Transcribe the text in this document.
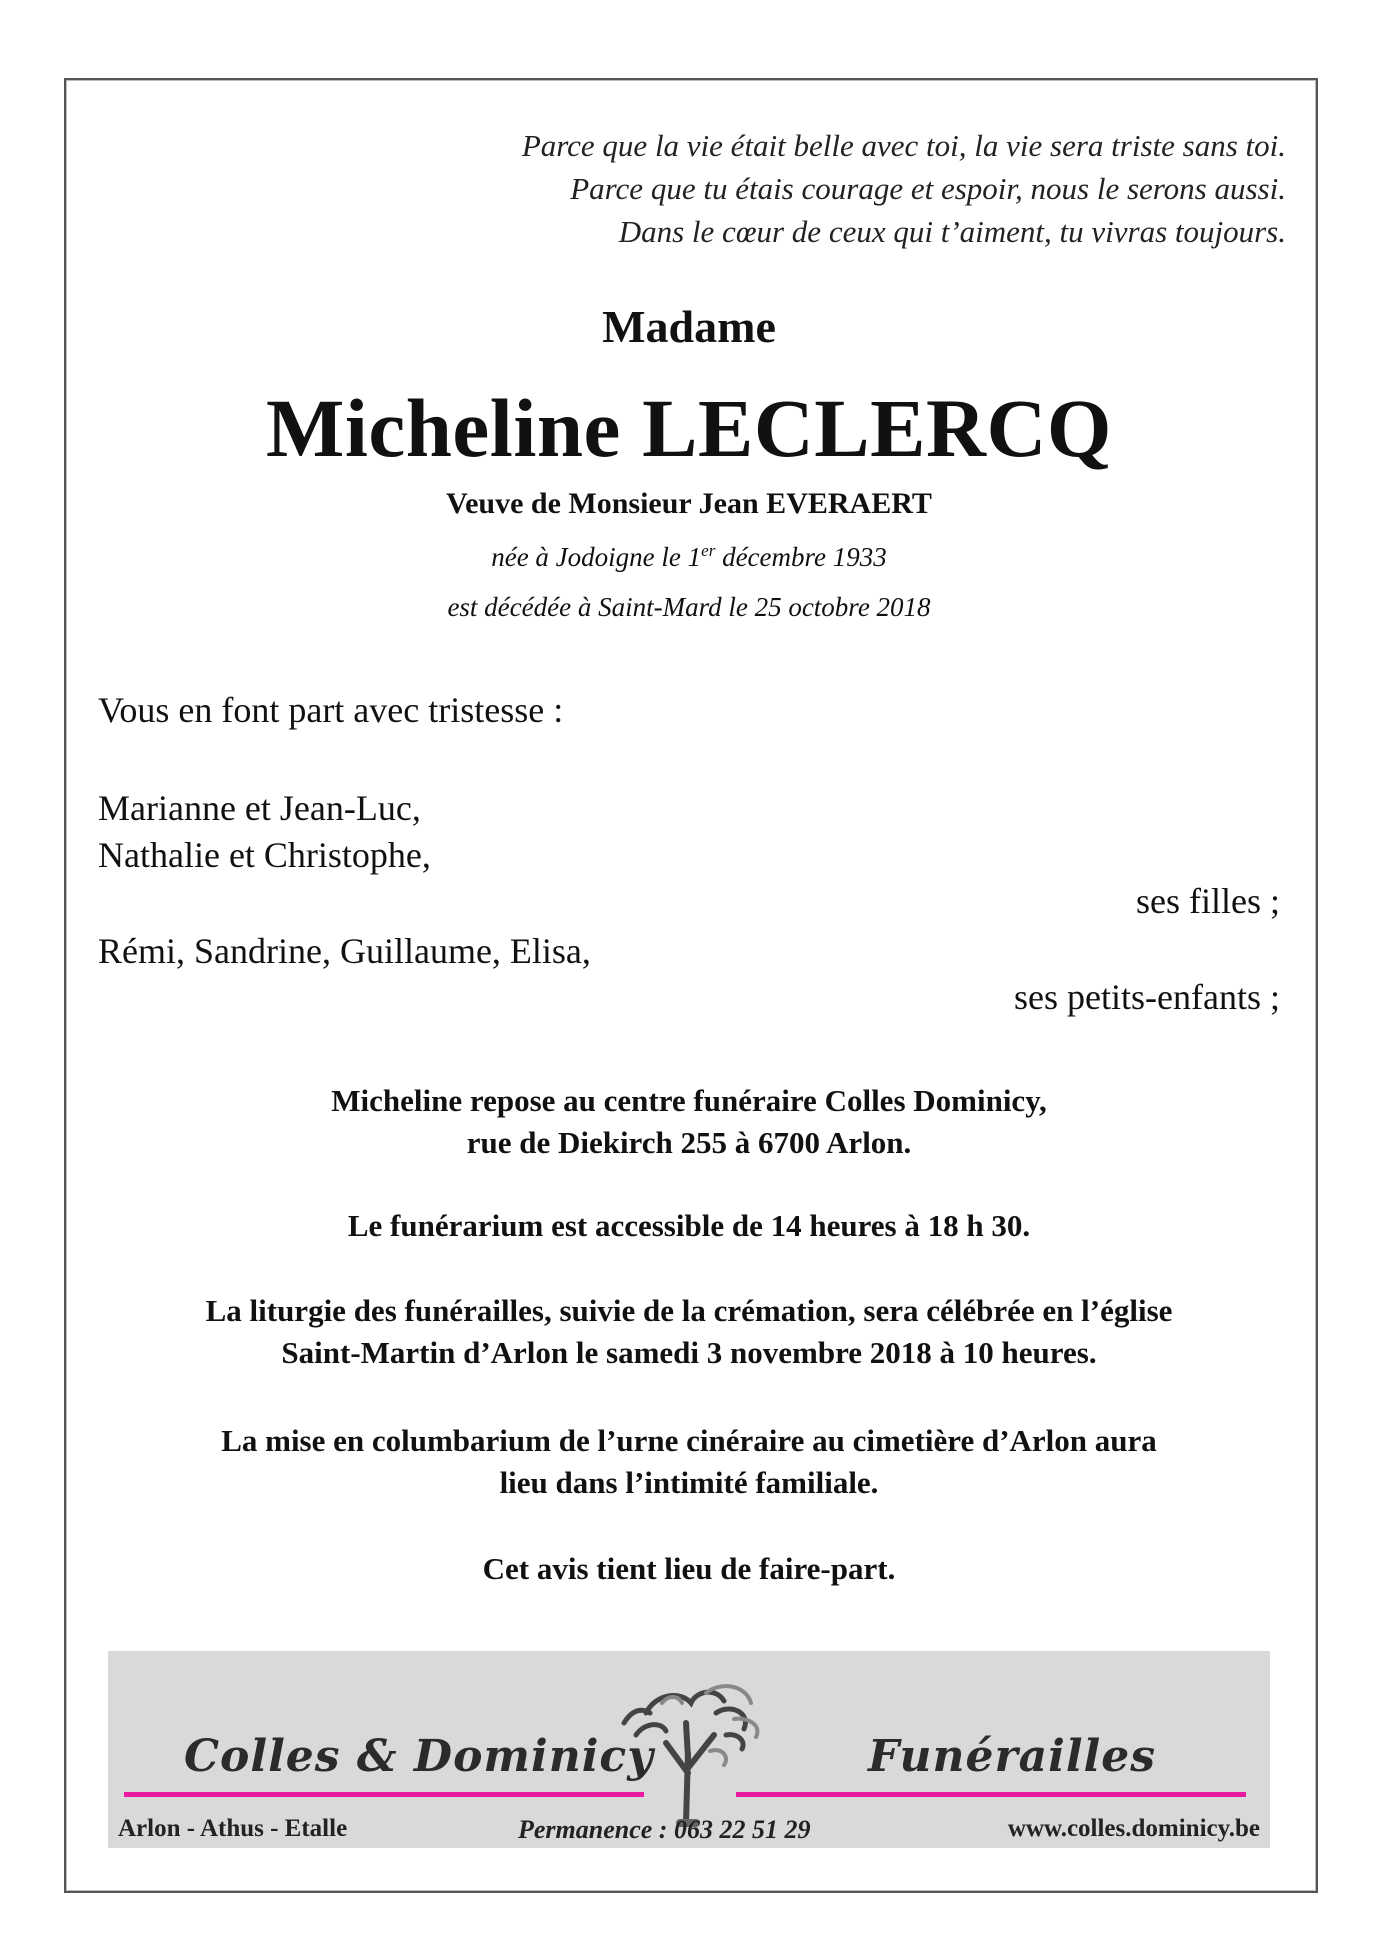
Parce que la vie était belle avec toi, la vie sera triste sans toi.
Parce que tu étais courage et espoir, nous le serons aussi.
Dans le cœur de ceux qui t’aiment, tu vivras toujours.
Madame
Micheline LECLERCQ
Veuve de Monsieur Jean EVERAERT
née à Jodoigne le 1er décembre 1933
est décédée à Saint-Mard le 25 octobre 2018
Vous en font part avec tristesse :
Marianne et Jean-Luc,
Nathalie et Christophe,
ses filles ;
Rémi, Sandrine, Guillaume, Elisa,
ses petits-enfants ;
Micheline repose au centre funéraire Colles Dominicy,
rue de Diekirch 255 à 6700 Arlon.
Le funérarium est accessible de 14 heures à 18 h 30.
La liturgie des funérailles, suivie de la crémation, sera célébrée en l’église
Saint-Martin d’Arlon le samedi 3 novembre 2018 à 10 heures.
La mise en columbarium de l’urne cinéraire au cimetière d’Arlon aura
lieu dans l’intimité familiale.
Cet avis tient lieu de faire-part.
Colles & Dominicy	Funérailles
Arlon - Athus - Etalle	Permanence : 063 22 51 29	www.colles.dominicy.be
